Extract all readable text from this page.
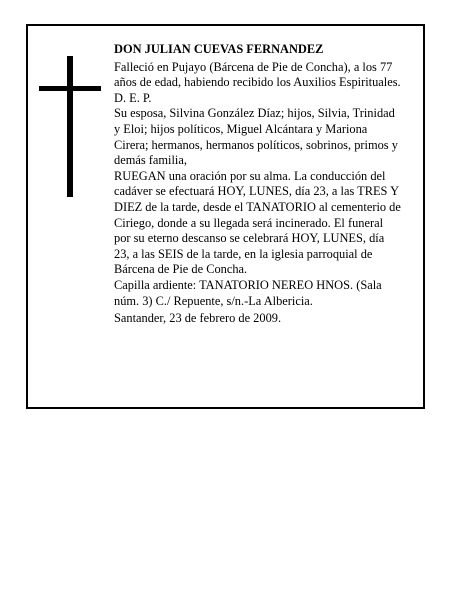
DON JULIAN CUEVAS FERNANDEZ

Falleció en Pujayo (Bárcena de Pie de Concha), a los 77 años de edad, habiendo recibido los Auxilios Espirituales.

D. E. P.

Su esposa, Silvina González Díaz; hijos, Silvia, Trinidad y Eloi; hijos políticos, Miguel Alcántara y Mariona Cirera; hermanos, hermanos políticos, sobrinos, primos y demás familia,

RUEGAN una oración por su alma. La conducción del cadáver se efectuará HOY, LUNES, día 23, a las TRES Y DIEZ de la tarde, desde el TANATORIO al cementerio de Ciriego, donde a su llegada será incinerado. El funeral por su eterno descanso se celebrará HOY, LUNES, día 23, a las SEIS de la tarde, en la iglesia parroquial de Bárcena de Pie de Concha.

Capilla ardiente: TANATORIO NEREO HNOS. (Sala núm. 3) C./ Repuente, s/n.-La Albericia.

Santander, 23 de febrero de 2009.
